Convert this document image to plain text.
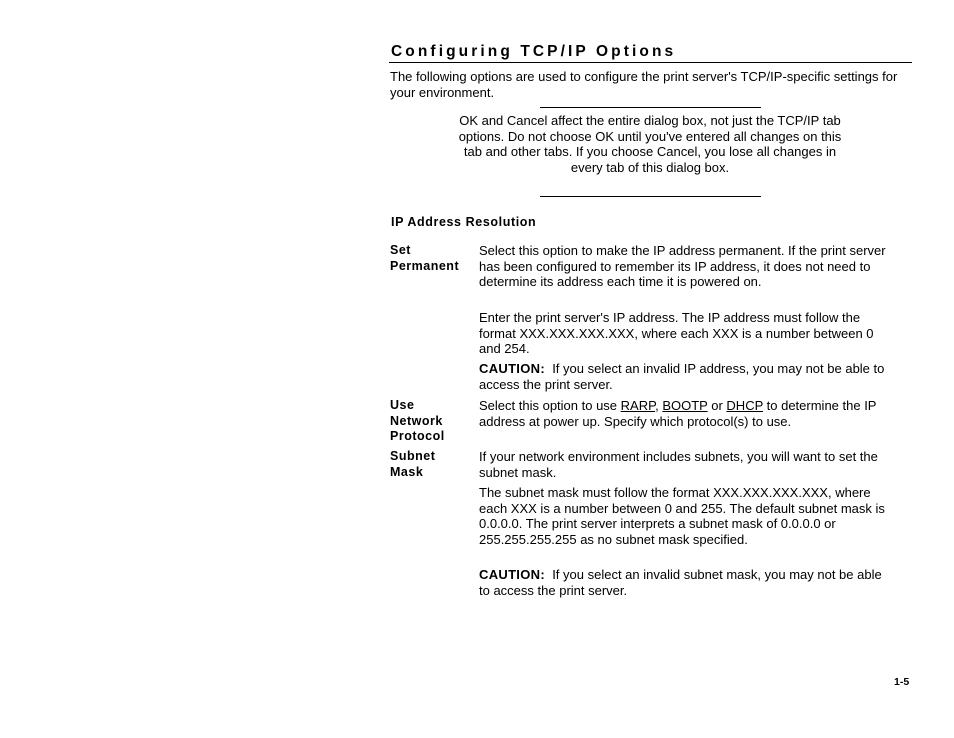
Configuring TCP/IP Options

The following options are used to configure the print server's TCP/IP-specific settings for your environment.

OK and Cancel affect the entire dialog box, not just the TCP/IP tab options. Do not choose OK until you've entered all changes on this tab and other tabs. If you choose Cancel, you lose all changes in every tab of this dialog box.

IP Address Resolution

Set
Permanent

Select this option to make the IP address permanent. If the print server has been configured to remember its IP address, it does not need to determine its address each time it is powered on.

Enter the print server's IP address. The IP address must follow the format XXX.XXX.XXX.XXX, where each XXX is a number between 0 and 254.

CAUTION: If you select an invalid IP address, you may not be able to access the print server.

Use
Network
Protocol

Select this option to use RARP, BOOTP or DHCP to determine the IP address at power up. Specify which protocol(s) to use.

Subnet
Mask

If your network environment includes subnets, you will want to set the subnet mask.

The subnet mask must follow the format XXX.XXX.XXX.XXX, where each XXX is a number between 0 and 255. The default subnet mask is 0.0.0.0. The print server interprets a subnet mask of 0.0.0.0 or 255.255.255.255 as no subnet mask specified.

CAUTION: If you select an invalid subnet mask, you may not be able to access the print server.

1-5
